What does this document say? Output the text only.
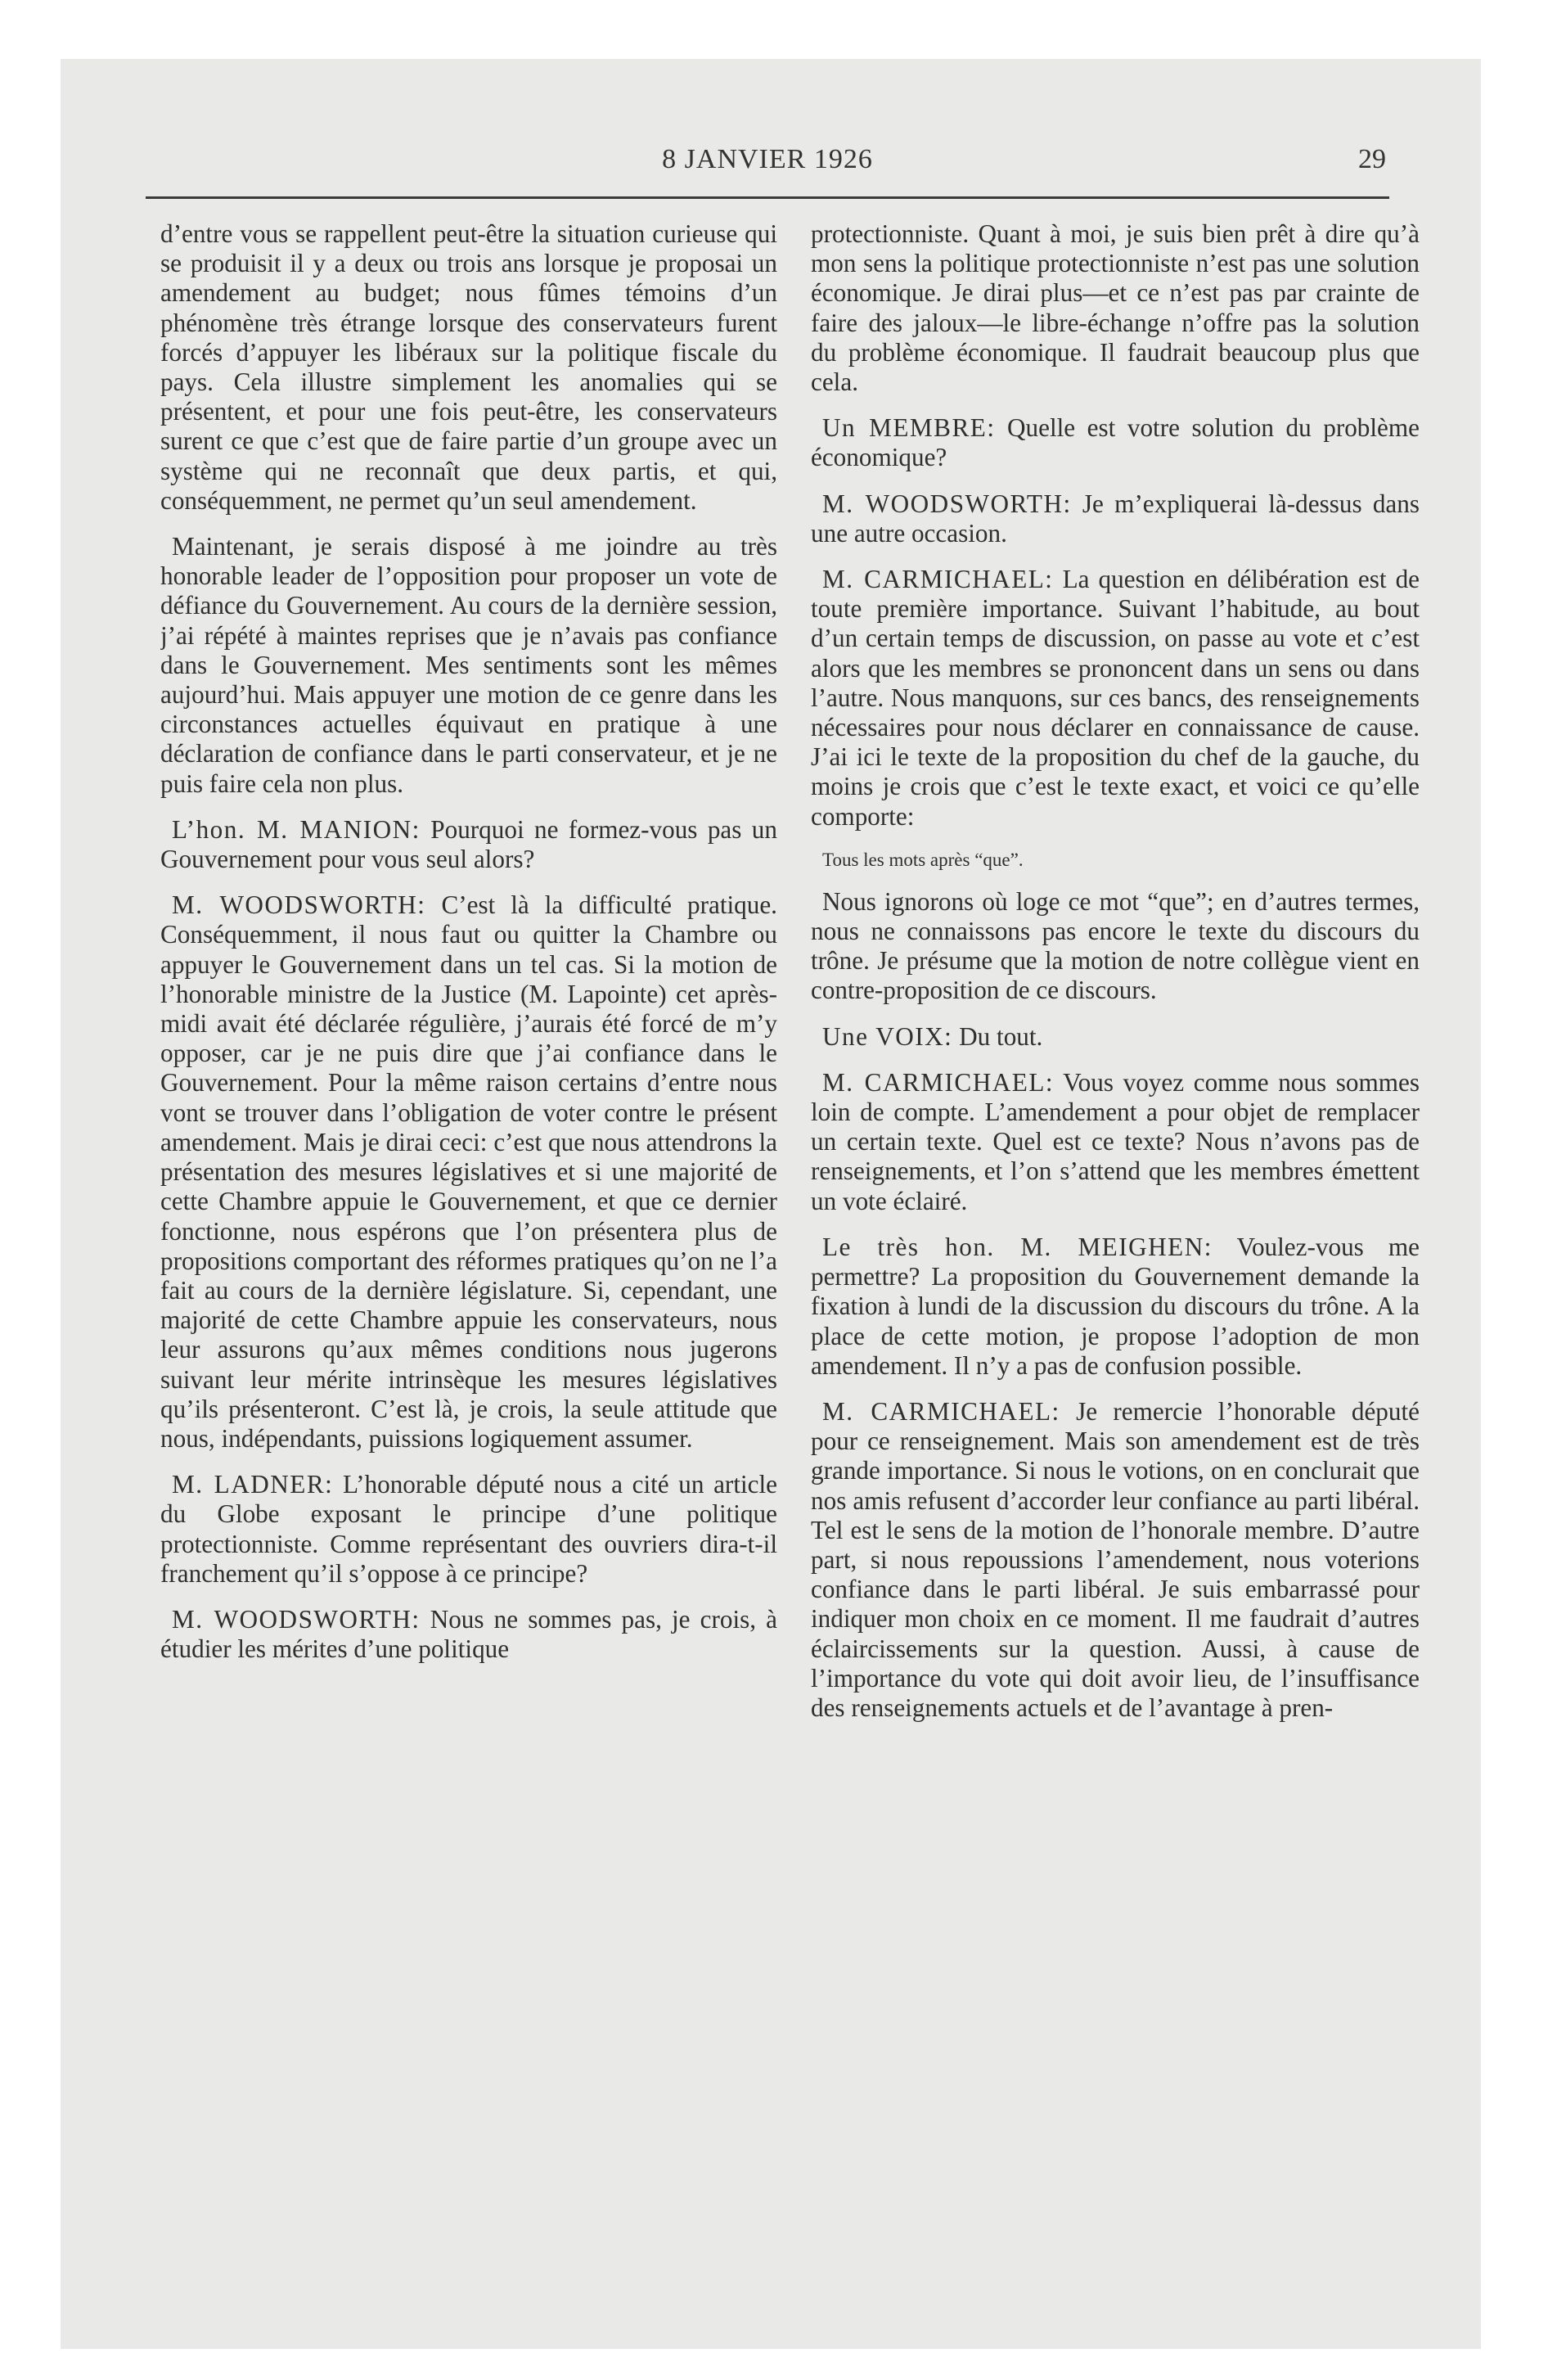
8 JANVIER 1926	29

d’entre vous se rappellent peut-être la situation curieuse qui se produisit il y a deux ou trois ans lorsque je proposai un amendement au budget; nous fûmes témoins d’un phénomène très étrange lorsque des conservateurs furent forcés d’appuyer les libéraux sur la politique fiscale du pays. Cela illustre simplement les anomalies qui se présentent, et pour une fois peut-être, les conservateurs surent ce que c’est que de faire partie d’un groupe avec un système qui ne reconnaît que deux partis, et qui, conséquemment, ne permet qu’un seul amendement.

Maintenant, je serais disposé à me joindre au très honorable leader de l’opposition pour proposer un vote de défiance du Gouvernement. Au cours de la dernière session, j’ai répété à maintes reprises que je n’avais pas confiance dans le Gouvernement. Mes sentiments sont les mêmes aujourd’hui. Mais appuyer une motion de ce genre dans les circonstances actuelles équivaut en pratique à une déclaration de confiance dans le parti conservateur, et je ne puis faire cela non plus.

L’hon. M. MANION: Pourquoi ne formez-vous pas un Gouvernement pour vous seul alors?

M. WOODSWORTH: C’est là la difficulté pratique. Conséquemment, il nous faut ou quitter la Chambre ou appuyer le Gouvernement dans un tel cas. Si la motion de l’honorable ministre de la Justice (M. Lapointe) cet après-midi avait été déclarée régulière, j’aurais été forcé de m’y opposer, car je ne puis dire que j’ai confiance dans le Gouvernement. Pour la même raison certains d’entre nous vont se trouver dans l’obligation de voter contre le présent amendement. Mais je dirai ceci: c’est que nous attendrons la présentation des mesures législatives et si une majorité de cette Chambre appuie le Gouvernement, et que ce dernier fonctionne, nous espérons que l’on présentera plus de propositions comportant des réformes pratiques qu’on ne l’a fait au cours de la dernière législature. Si, cependant, une majorité de cette Chambre appuie les conservateurs, nous leur assurons qu’aux mêmes conditions nous jugerons suivant leur mérite intrinsèque les mesures législatives qu’ils présenteront. C’est là, je crois, la seule attitude que nous, indépendants, puissions logiquement assumer.

M. LADNER: L’honorable député nous a cité un article du Globe exposant le principe d’une politique protectionniste. Comme représentant des ouvriers dira-t-il franchement qu’il s’oppose à ce principe?

M. WOODSWORTH: Nous ne sommes pas, je crois, à étudier les mérites d’une politique

protectionniste. Quant à moi, je suis bien prêt à dire qu’à mon sens la politique protectionniste n’est pas une solution économique. Je dirai plus—et ce n’est pas par crainte de faire des jaloux—le libre-échange n’offre pas la solution du problème économique. Il faudrait beaucoup plus que cela.

Un MEMBRE: Quelle est votre solution du problème économique?

M. WOODSWORTH: Je m’expliquerai là-dessus dans une autre occasion.

M. CARMICHAEL: La question en délibération est de toute première importance. Suivant l’habitude, au bout d’un certain temps de discussion, on passe au vote et c’est alors que les membres se prononcent dans un sens ou dans l’autre. Nous manquons, sur ces bancs, des renseignements nécessaires pour nous déclarer en connaissance de cause. J’ai ici le texte de la proposition du chef de la gauche, du moins je crois que c’est le texte exact, et voici ce qu’elle comporte:

Tous les mots après “que”.

Nous ignorons où loge ce mot “que”; en d’autres termes, nous ne connaissons pas encore le texte du discours du trône. Je présume que la motion de notre collègue vient en contre-proposition de ce discours.

Une VOIX: Du tout.

M. CARMICHAEL: Vous voyez comme nous sommes loin de compte. L’amendement a pour objet de remplacer un certain texte. Quel est ce texte? Nous n’avons pas de renseignements, et l’on s’attend que les membres émettent un vote éclairé.

Le très hon. M. MEIGHEN: Voulez-vous me permettre? La proposition du Gouvernement demande la fixation à lundi de la discussion du discours du trône. A la place de cette motion, je propose l’adoption de mon amendement. Il n’y a pas de confusion possible.

M. CARMICHAEL: Je remercie l’honorable député pour ce renseignement. Mais son amendement est de très grande importance. Si nous le votions, on en conclurait que nos amis refusent d’accorder leur confiance au parti libéral. Tel est le sens de la motion de l’honorale membre. D’autre part, si nous repoussions l’amendement, nous voterions confiance dans le parti libéral. Je suis embarrassé pour indiquer mon choix en ce moment. Il me faudrait d’autres éclaircissements sur la question. Aussi, à cause de l’importance du vote qui doit avoir lieu, de l’insuffisance des renseignements actuels et de l’avantage à pren-
